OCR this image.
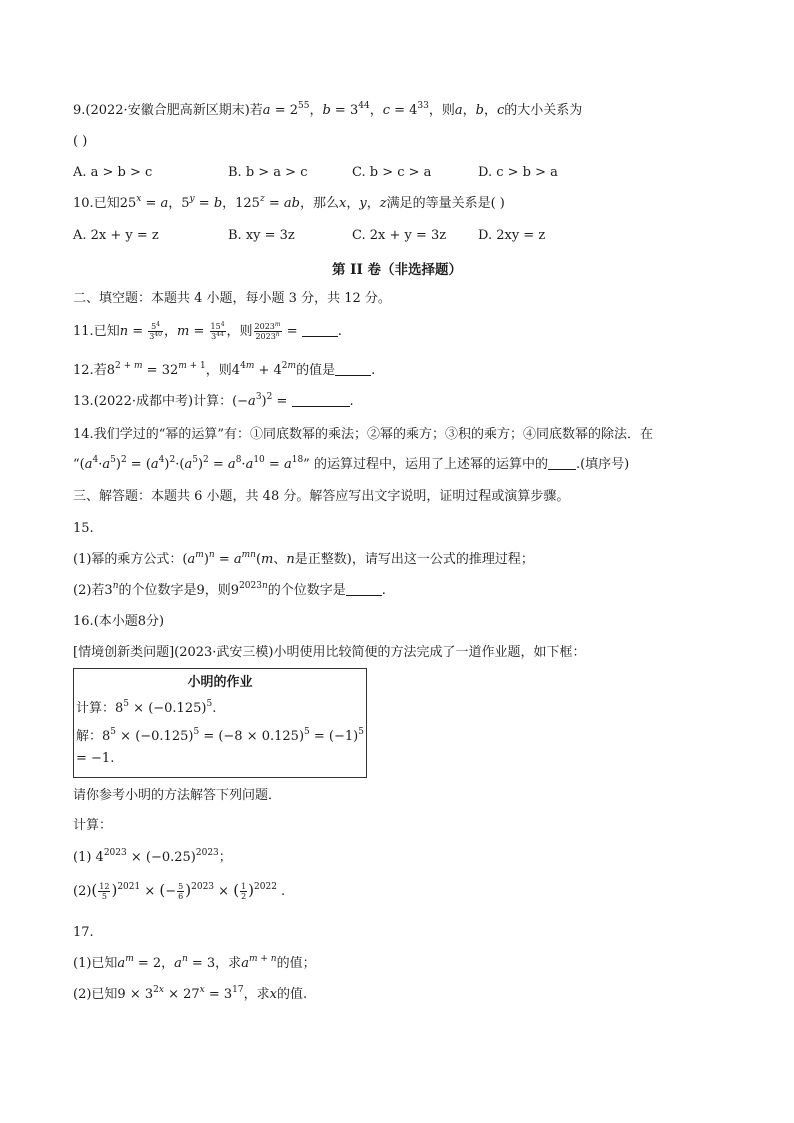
9.(2022·安徽合肥高新区期末)若$a = 2^{55}$，$b = 3^{44}$，$c = 4^{33}$，则a，b，c的大小关系为
( )
A. a > b > c	B. b > a > c	C. b > c > a	D. c > b > a
10.已知$25^x = a$，$5^y = b$，$125^z$ = ab，那么x，y，z满足的等量关系是( )
A. 2x + y = z	B. xy = 3z	C. 2x + y = 3z D. 2xy = z
第 II 卷（非选择题）
二、填空题：本题共 4 小题，每小题 3 分，共 12 分。
11.已知$n = \frac{5^4}{3^{40}}$ ，$m = \frac{15^4}{3^{44}}$ ，则 $\frac{2023^m}{2023^n}$ =	.
12.若$8^{2 + m} = 32^{m + 1}$，则$4^{4m} + 4^{2m}$的值是	.
13.(2022·成都中考)计算：$(-a^3)^2$ =	.
14.我们学过的“幂的运算”有：①同底数幂的乘法；②幂的乘方；③积的乘方；④同底数幂的除法．在
“$(a^4\cdot a^5)^2 = (a^4)^2\cdot(a^5)^2 = a^8\cdot a^{10} = a^{18}$” 的运算过程中，运用了上述幂的运算中的 .(填序号)
三、解答题：本题共 6 小题，共 48 分。解答应写出文字说明，证明过程或演算步骤。
15.
(1)幂的乘方公式：$(a^m)^n = a^{mn}(m$、n是正整数)，请写出这一公式的推理过程；
(2)若3$^n$的个位数字是9，则$9^{2023n}$的个位数字是	.
16.(本小题8分)
[情境创新类问题](2023·武安三模)小明使用比较简便的方法完成了一道作业题，如下框：
小明的作业
计算：$8^5 \times (-0.125)^5$.
解：$8^5 \times (-0.125)^5 = (-8 \times 0.125)^5 = (-1)^5$
= −1.
请你参考小明的方法解答下列问题．
计算：
(1) $4^{2023} \times (-0.25)^{2023}$；
$(2)( \frac{12}{5} )^{2021}$ × (− $\frac{5}{6} )^{2023}$ × ( $\frac{1}{2} )^{2022}$ .
17.
(1)已知$a^m = 2$，$a^n = 3$，求$a^{m + n}$的值；
(2)已知$9 \times 3^{2x} \times 27^x = 3^{17}$，求x的值.
